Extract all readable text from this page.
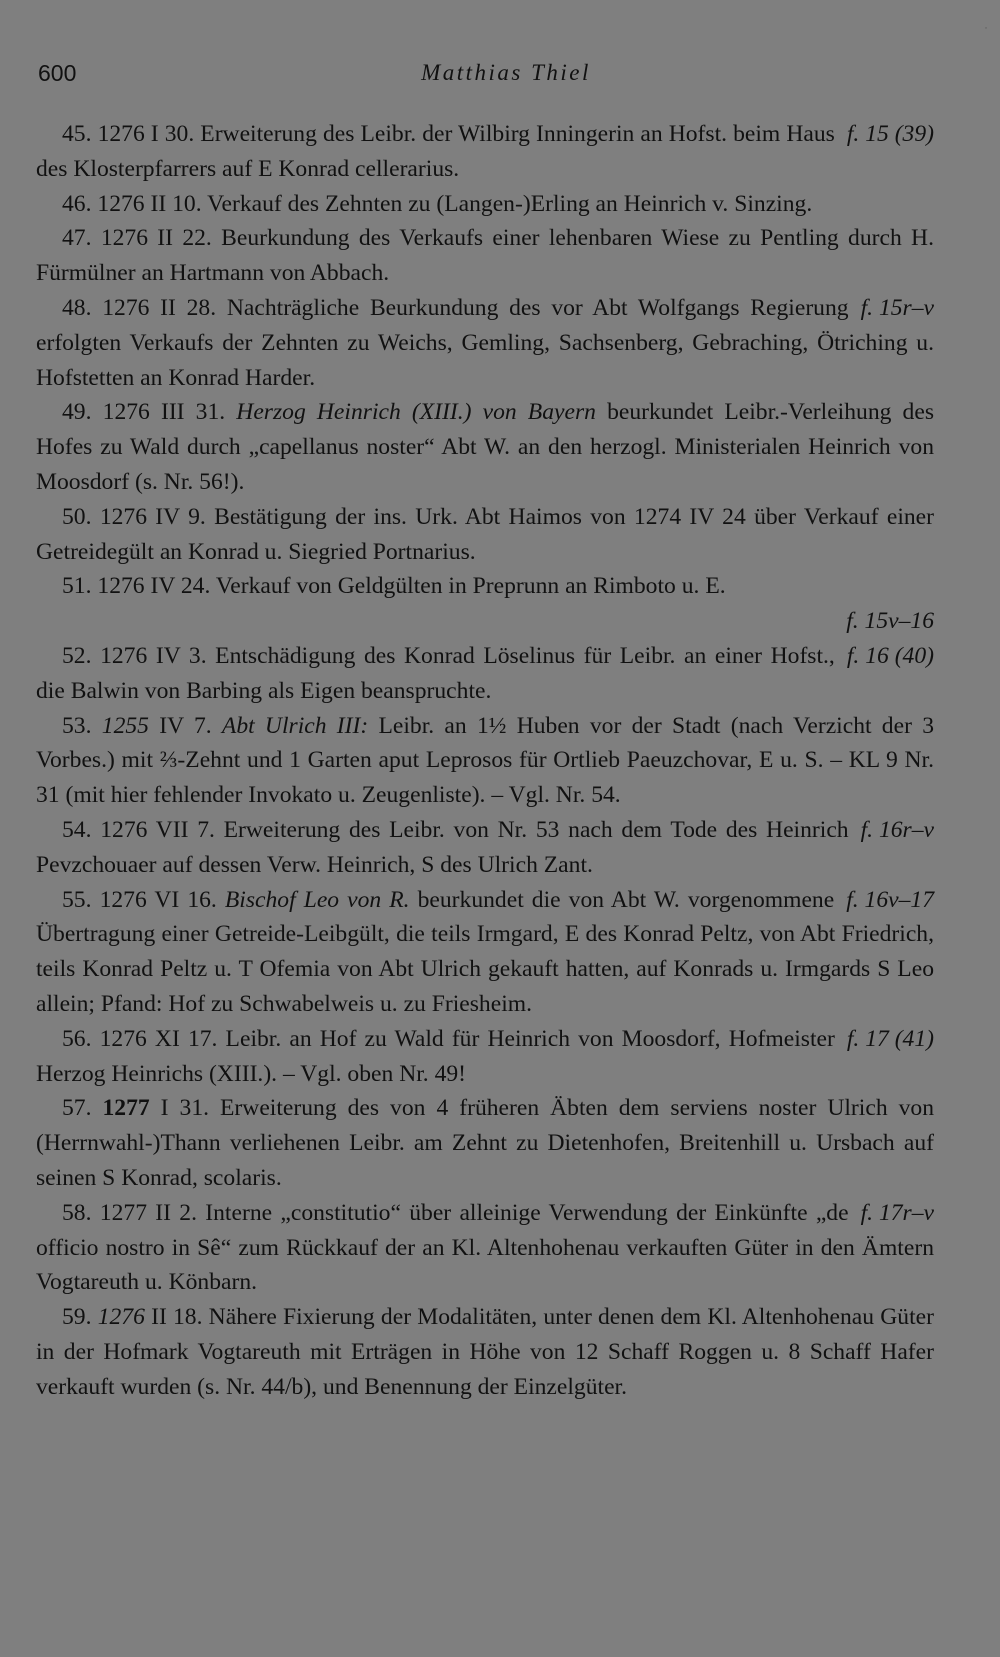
600	Matthias Thiel
˙

f. 15 (39)
45. 1276 I 30. Erweiterung des Leibr. der Wilbirg Inningerin an Hofst. beim Haus des Klosterpfarrers auf E Konrad cellerarius.

46. 1276 II 10. Verkauf des Zehnten zu (Langen-)Erling an Heinrich v. Sinzing.

47. 1276 II 22. Beurkundung des Verkaufs einer lehenbaren Wiese zu Pentling durch H. Fürmülner an Hartmann von Abbach.

f. 15r–v
48. 1276 II 28. Nachträgliche Beurkundung des vor Abt Wolfgangs Regierung erfolgten Verkaufs der Zehnten zu Weichs, Gemling, Sachsenberg, Gebraching, Ötriching u. Hofstetten an Konrad Harder.

49. 1276 III 31. Herzog Heinrich (XIII.) von Bayern beurkundet Leibr.-Verleihung des Hofes zu Wald durch „capellanus noster“ Abt W. an den herzogl. Ministerialen Heinrich von Moosdorf (s. Nr. 56!).

50. 1276 IV 9. Bestätigung der ins. Urk. Abt Haimos von 1274 IV 24 über Verkauf einer Getreidegült an Konrad u. Siegried Portnarius.

51. 1276 IV 24. Verkauf von Geldgülten in Preprunn an Rimboto u. E.
f. 15v–16

f. 16 (40)
52. 1276 IV 3. Entschädigung des Konrad Löselinus für Leibr. an einer Hofst., die Balwin von Barbing als Eigen beanspruchte.

53. 1255 IV 7. Abt Ulrich III: Leibr. an 1½ Huben vor der Stadt (nach Verzicht der 3 Vorbes.) mit ⅔-Zehnt und 1 Garten aput Leprosos für Ortlieb Paeuzchovar, E u. S. – KL 9 Nr. 31 (mit hier fehlender Invokato u. Zeugenliste). – Vgl. Nr. 54.

f. 16r–v
54. 1276 VII 7. Erweiterung des Leibr. von Nr. 53 nach dem Tode des Heinrich Pevzchouaer auf dessen Verw. Heinrich, S des Ulrich Zant.

f. 16v–17
55. 1276 VI 16. Bischof Leo von R. beurkundet die von Abt W. vorgenommene Übertragung einer Getreide-Leibgült, die teils Irmgard, E des Konrad Peltz, von Abt Friedrich, teils Konrad Peltz u. T Ofemia von Abt Ulrich gekauft hatten, auf Konrads u. Irmgards S Leo allein; Pfand: Hof zu Schwabelweis u. zu Friesheim.

f. 17 (41)
56. 1276 XI 17. Leibr. an Hof zu Wald für Heinrich von Moosdorf, Hofmeister Herzog Heinrichs (XIII.). – Vgl. oben Nr. 49!

57. 1277 I 31. Erweiterung des von 4 früheren Äbten dem serviens noster Ulrich von (Herrnwahl-)Thann verliehenen Leibr. am Zehnt zu Dietenhofen, Breitenhill u. Ursbach auf seinen S Konrad, scolaris.

f. 17r–v
58. 1277 II 2. Interne „constitutio“ über alleinige Verwendung der Einkünfte „de officio nostro in Sê“ zum Rückkauf der an Kl. Altenhohenau verkauften Güter in den Ämtern Vogtareuth u. Könbarn.

59. 1276 II 18. Nähere Fixierung der Modalitäten, unter denen dem Kl. Altenhohenau Güter in der Hofmark Vogtareuth mit Erträgen in Höhe von 12 Schaff Roggen u. 8 Schaff Hafer verkauft wurden (s. Nr. 44/b), und Benennung der Einzelgüter.
